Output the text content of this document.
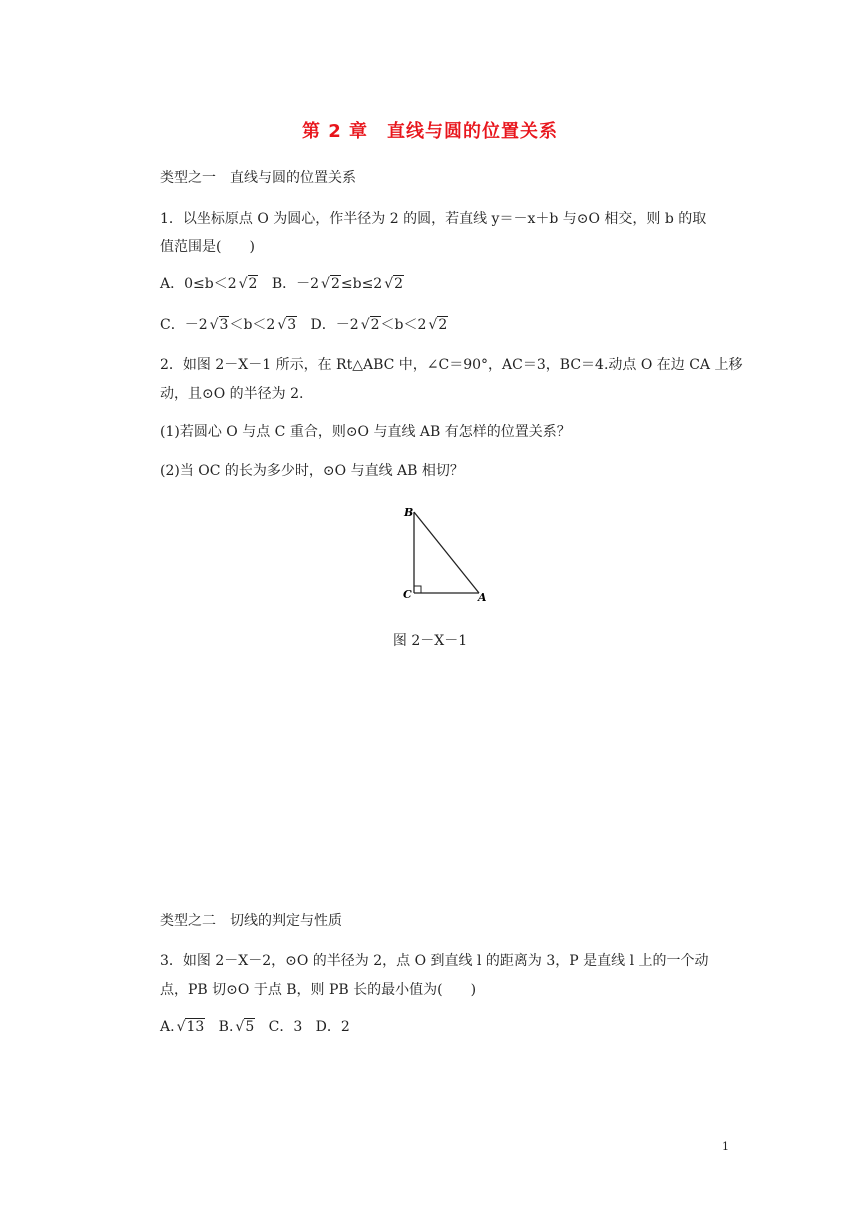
第 2 章　直线与圆的位置关系
类型之一　直线与圆的位置关系
1．以坐标原点 O 为圆心，作半径为 2 的圆，若直线 y＝－x＋b 与⊙O 相交，则 b 的取
值范围是(　　)
A．0≤b＜2 √2 B．－2 √2≤b≤2 √2
C．－2 √3＜b＜2 √3 D．－2 √2＜b＜2 √2
2．如图 2－X－1 所示，在 Rt△ABC 中，∠C＝90°，AC＝3，BC＝4.动点 O 在边 CA 上移
动，且⊙O 的半径为 2.
(1)若圆心 O 与点 C 重合，则⊙O 与直线 AB 有怎样的位置关系？
(2)当 OC 的长为多少时，⊙O 与直线 AB 相切？
B
C	A
图 2－X－1
类型之二　切线的判定与性质
3．如图 2－X－2，⊙O 的半径为 2，点 O 到直线 l 的距离为 3，P 是直线 l 上的一个动
点，PB 切⊙O 于点 B，则 PB 长的最小值为(　　)
A. √13 B. √5 C．3 D．2
1
